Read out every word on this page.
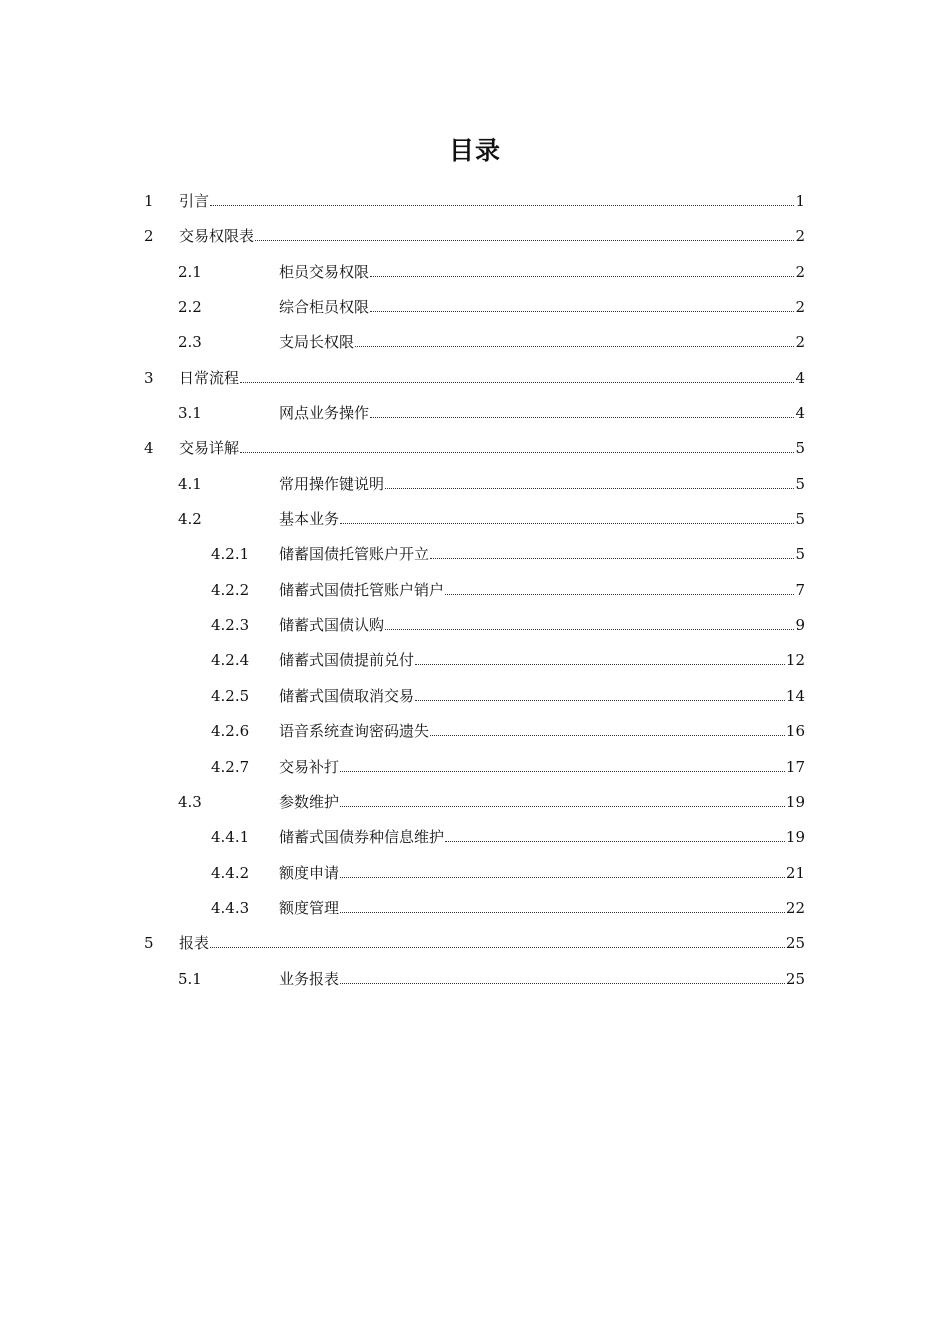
目录
1 引言	1
2 交易权限表	2
2.1	柜员交易权限	2
2.2	综合柜员权限	2
2.3	支局长权限	2
3 日常流程	4
3.1	网点业务操作	4
4 交易详解	5
4.1	常用操作键说明	5
4.2	基本业务	5
4.2.1 储蓄国债托管账户开立	5
4.2.2 储蓄式国债托管账户销户	7
4.2.3 储蓄式国债认购	9
4.2.4 储蓄式国债提前兑付	12
4.2.5 储蓄式国债取消交易	14
4.2.6 语音系统查询密码遗失	16
4.2.7 交易补打	17
4.3	参数维护	19
4.4.1 储蓄式国债券种信息维护	19
4.4.2 额度申请	21
4.4.3 额度管理	22
5 报表	25
5.1	业务报表	25
